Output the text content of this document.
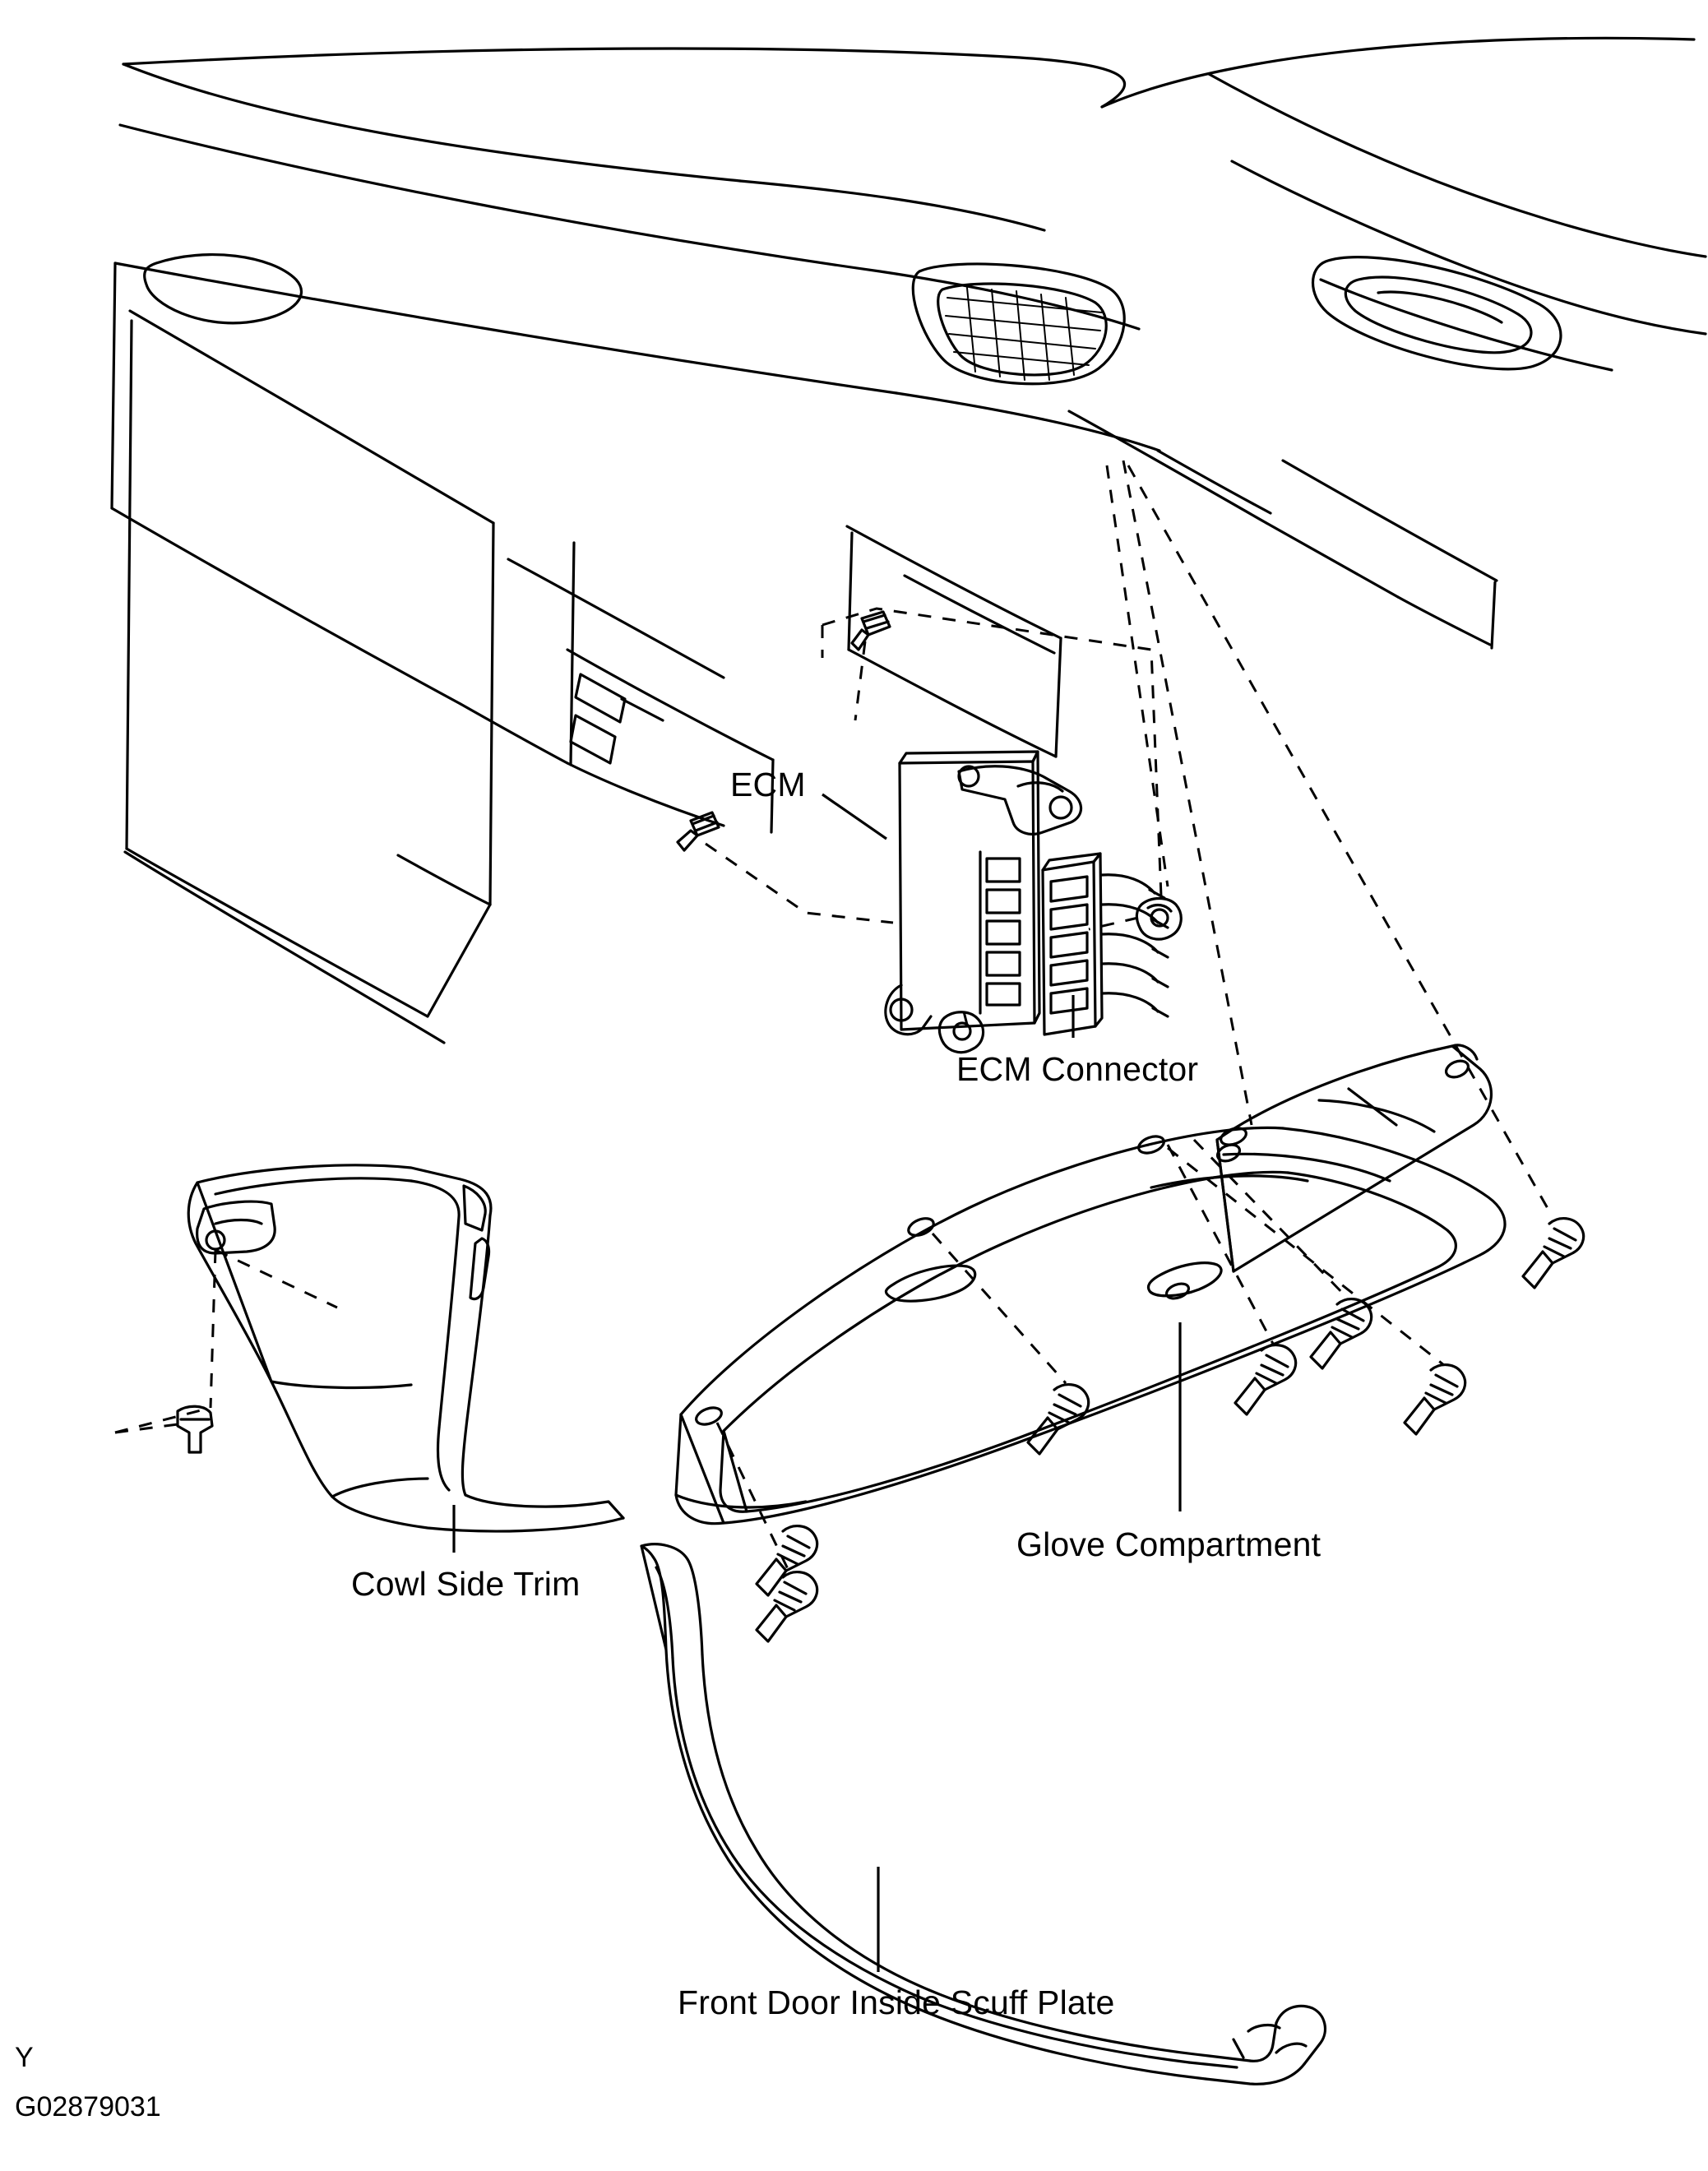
ECM
ECM Connector
Glove Compartment
Cowl Side Trim
Front Door Inside Scuff Plate
Y
G02879031
